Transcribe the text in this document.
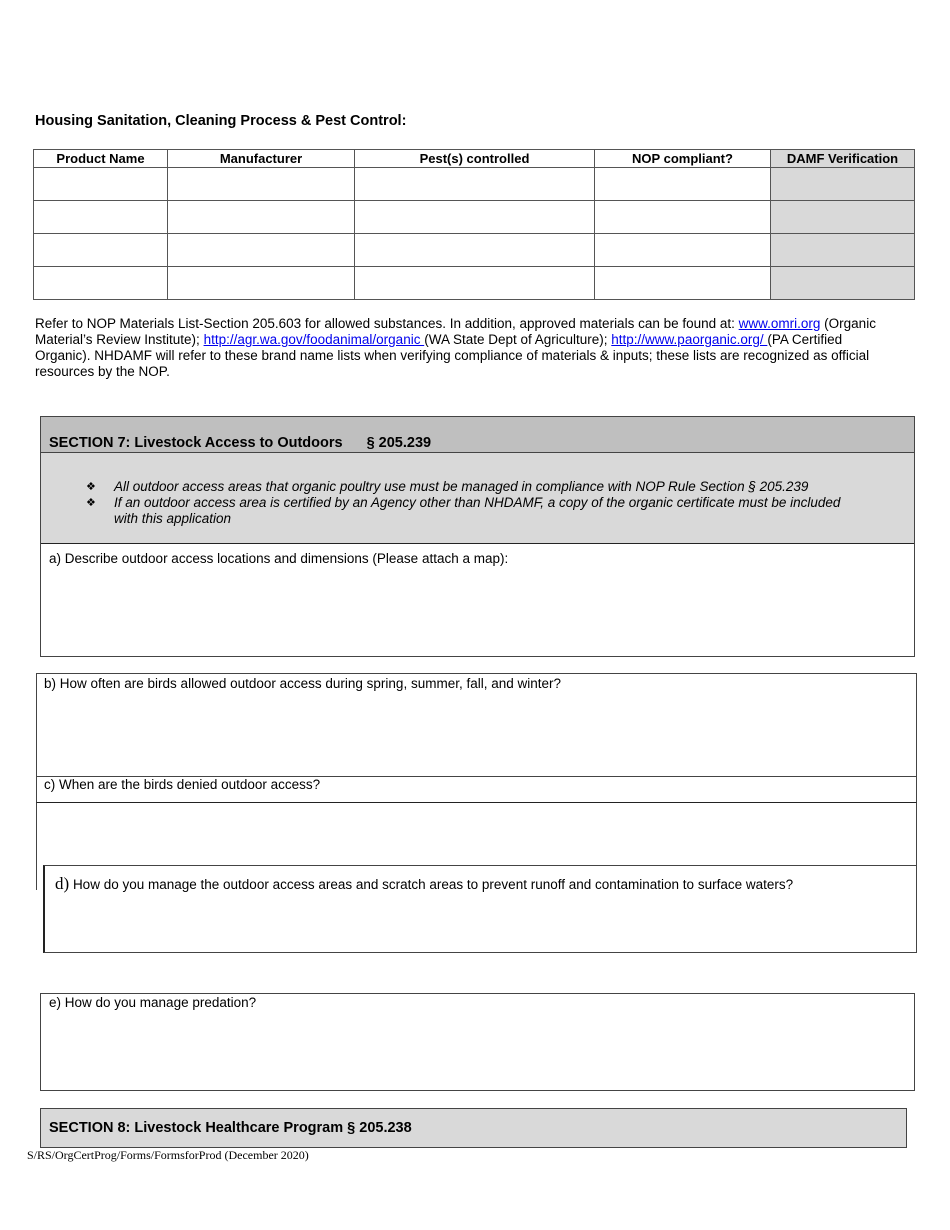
Housing Sanitation, Cleaning Process & Pest Control:
Product Name	Manufacturer	Pest(s) controlled	NOP compliant?	DAMF Verification

Refer to NOP Materials List-Section 205.603 for allowed substances. In addition, approved materials can be found at: www.omri.org (Organic Material’s Review Institute); http://agr.wa.gov/foodanimal/organic (WA State Dept of Agriculture); http://www.paorganic.org/ (PA Certified Organic). NHDAMF will refer to these brand name lists when verifying compliance of materials & inputs; these lists are recognized as official resources by the NOP.
SECTION 7: Livestock Access to Outdoors § 205.239
❖ All outdoor access areas that organic poultry use must be managed in compliance with NOP Rule Section § 205.239
❖ If an outdoor access area is certified by an Agency other than NHDAMF, a copy of the organic certificate must be included with this application
a) Describe outdoor access locations and dimensions (Please attach a map):
b) How often are birds allowed outdoor access during spring, summer, fall, and winter?
c) When are the birds denied outdoor access?
d) How do you manage the outdoor access areas and scratch areas to prevent runoff and contamination to surface waters?
e) How do you manage predation?
SECTION 8: Livestock Healthcare Program § 205.238
S/RS/OrgCertProg/Forms/FormsforProd (December 2020)
